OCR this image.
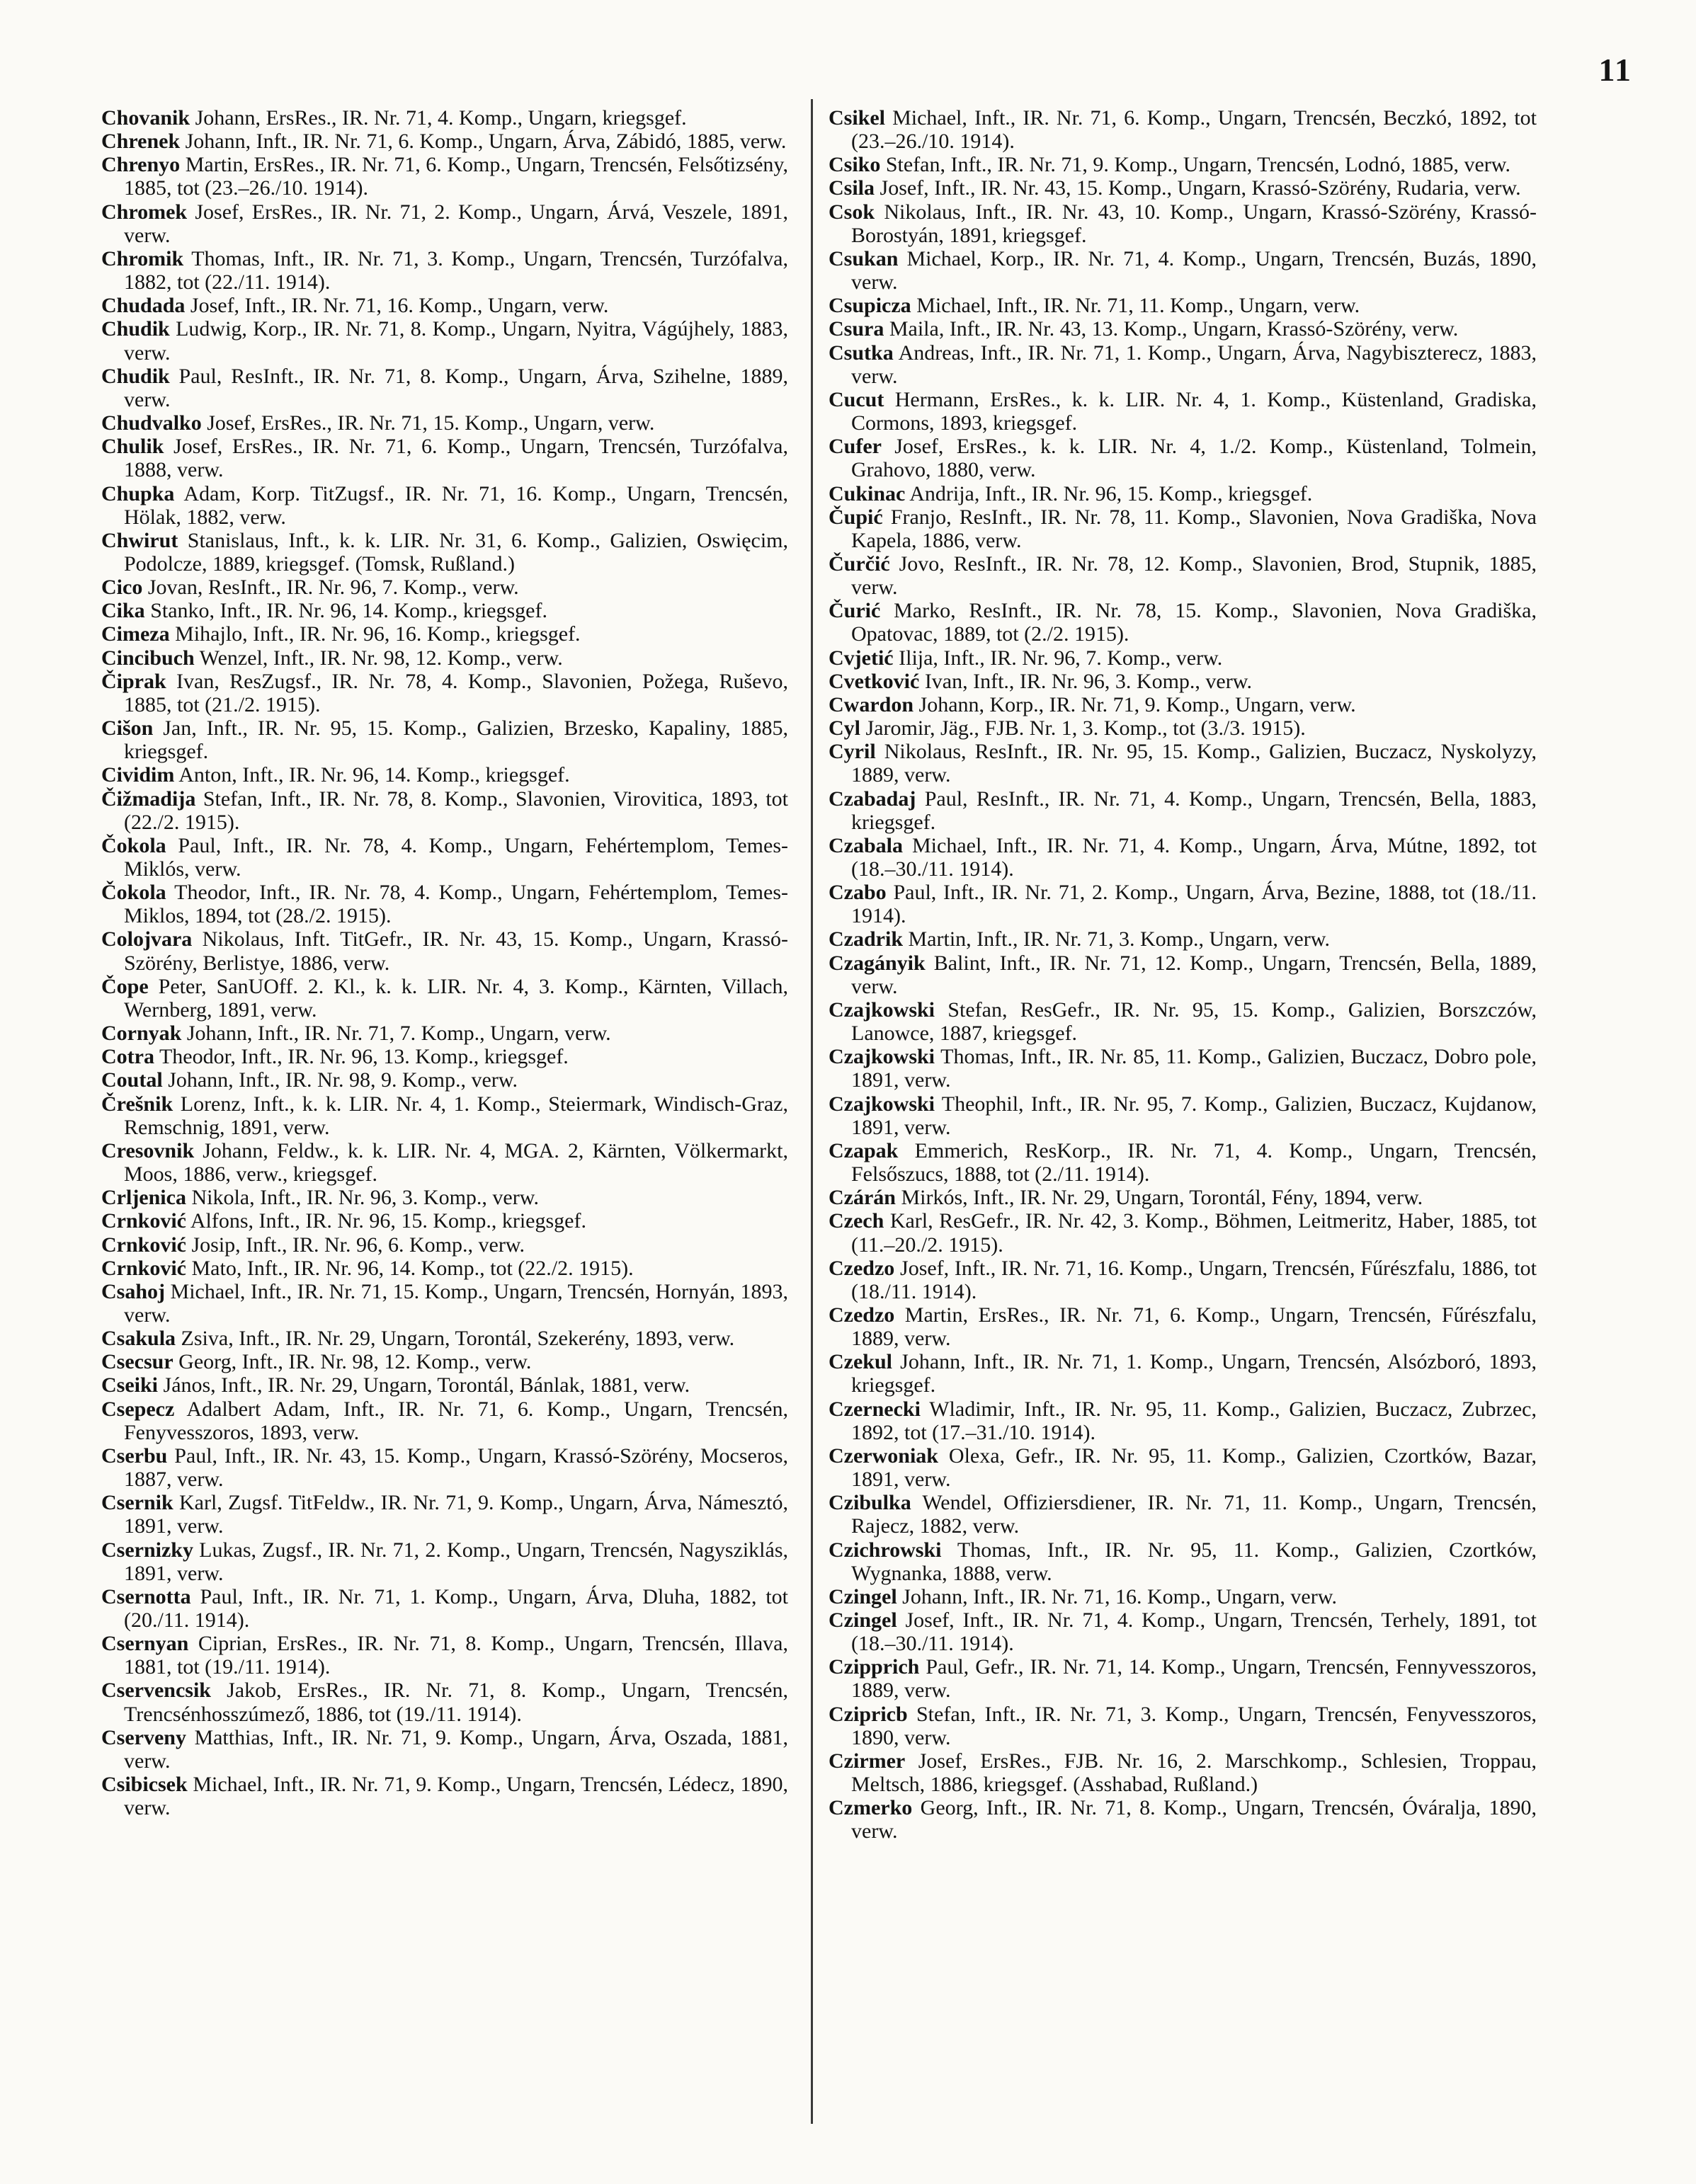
11
Chovanik Johann, ErsRes., IR. Nr. 71, 4. Komp., Ungarn, kriegsgef.
Chrenek Johann, Inft., IR. Nr. 71, 6. Komp., Ungarn, Árva, Zábidó, 1885, verw.
Chrenyo Martin, ErsRes., IR. Nr. 71, 6. Komp., Ungarn, Trencsén, Felsőtizsény, 1885, tot (23.–26./10. 1914).
Chromek Josef, ErsRes., IR. Nr. 71, 2. Komp., Ungarn, Árvá, Veszele, 1891, verw.
Chromik Thomas, Inft., IR. Nr. 71, 3. Komp., Ungarn, Trencsén, Turzófalva, 1882, tot (22./11. 1914).
Chudada Josef, Inft., IR. Nr. 71, 16. Komp., Ungarn, verw.
Chudik Ludwig, Korp., IR. Nr. 71, 8. Komp., Ungarn, Nyitra, Vágújhely, 1883, verw.
Chudik Paul, ResInft., IR. Nr. 71, 8. Komp., Ungarn, Árva, Szihelne, 1889, verw.
Chudvalko Josef, ErsRes., IR. Nr. 71, 15. Komp., Ungarn, verw.
Chulik Josef, ErsRes., IR. Nr. 71, 6. Komp., Ungarn, Trencsén, Turzófalva, 1888, verw.
Chupka Adam, Korp. TitZugsf., IR. Nr. 71, 16. Komp., Ungarn, Trencsén, Hölak, 1882, verw.
Chwirut Stanislaus, Inft., k. k. LIR. Nr. 31, 6. Komp., Galizien, Oswięcim, Podolcze, 1889, kriegsgef. (Tomsk, Rußland.)
Cico Jovan, ResInft., IR. Nr. 96, 7. Komp., verw.
Cika Stanko, Inft., IR. Nr. 96, 14. Komp., kriegsgef.
Cimeza Mihajlo, Inft., IR. Nr. 96, 16. Komp., kriegsgef.
Cincibuch Wenzel, Inft., IR. Nr. 98, 12. Komp., verw.
Čiprak Ivan, ResZugsf., IR. Nr. 78, 4. Komp., Slavonien, Požega, Ruševo, 1885, tot (21./2. 1915).
Cišon Jan, Inft., IR. Nr. 95, 15. Komp., Galizien, Brzesko, Kapaliny, 1885, kriegsgef.
Cividim Anton, Inft., IR. Nr. 96, 14. Komp., kriegsgef.
Čižmadija Stefan, Inft., IR. Nr. 78, 8. Komp., Slavonien, Virovitica, 1893, tot (22./2. 1915).
Čokola Paul, Inft., IR. Nr. 78, 4. Komp., Ungarn, Fehértemplom, Temes-Miklós, verw.
Čokola Theodor, Inft., IR. Nr. 78, 4. Komp., Ungarn, Fehértemplom, Temes-Miklos, 1894, tot (28./2. 1915).
Colojvara Nikolaus, Inft. TitGefr., IR. Nr. 43, 15. Komp., Ungarn, Krassó-Szörény, Berlistye, 1886, verw.
Čope Peter, SanUOff. 2. Kl., k. k. LIR. Nr. 4, 3. Komp., Kärnten, Villach, Wernberg, 1891, verw.
Cornyak Johann, Inft., IR. Nr. 71, 7. Komp., Ungarn, verw.
Cotra Theodor, Inft., IR. Nr. 96, 13. Komp., kriegsgef.
Coutal Johann, Inft., IR. Nr. 98, 9. Komp., verw.
Črešnik Lorenz, Inft., k. k. LIR. Nr. 4, 1. Komp., Steiermark, Windisch-Graz, Remschnig, 1891, verw.
Cresovnik Johann, Feldw., k. k. LIR. Nr. 4, MGA. 2, Kärnten, Völkermarkt, Moos, 1886, verw., kriegsgef.
Crljenica Nikola, Inft., IR. Nr. 96, 3. Komp., verw.
Crnković Alfons, Inft., IR. Nr. 96, 15. Komp., kriegsgef.
Crnković Josip, Inft., IR. Nr. 96, 6. Komp., verw.
Crnković Mato, Inft., IR. Nr. 96, 14. Komp., tot (22./2. 1915).
Csahoj Michael, Inft., IR. Nr. 71, 15. Komp., Ungarn, Trencsén, Hornyán, 1893, verw.
Csakula Zsiva, Inft., IR. Nr. 29, Ungarn, Torontál, Szekerény, 1893, verw.
Csecsur Georg, Inft., IR. Nr. 98, 12. Komp., verw.
Cseiki János, Inft., IR. Nr. 29, Ungarn, Torontál, Bánlak, 1881, verw.
Csepecz Adalbert Adam, Inft., IR. Nr. 71, 6. Komp., Ungarn, Trencsén, Fenyvesszoros, 1893, verw.
Cserbu Paul, Inft., IR. Nr. 43, 15. Komp., Ungarn, Krassó-Szörény, Mocseros, 1887, verw.
Csernik Karl, Zugsf. TitFeldw., IR. Nr. 71, 9. Komp., Ungarn, Árva, Námesztó, 1891, verw.
Csernizky Lukas, Zugsf., IR. Nr. 71, 2. Komp., Ungarn, Trencsén, Nagysziklás, 1891, verw.
Csernotta Paul, Inft., IR. Nr. 71, 1. Komp., Ungarn, Árva, Dluha, 1882, tot (20./11. 1914).
Csernyan Ciprian, ErsRes., IR. Nr. 71, 8. Komp., Ungarn, Trencsén, Illava, 1881, tot (19./11. 1914).
Cservencsik Jakob, ErsRes., IR. Nr. 71, 8. Komp., Ungarn, Trencsén, Trencsénhosszúmező, 1886, tot (19./11. 1914).
Cserveny Matthias, Inft., IR. Nr. 71, 9. Komp., Ungarn, Árva, Oszada, 1881, verw.
Csibicsek Michael, Inft., IR. Nr. 71, 9. Komp., Ungarn, Trencsén, Lédecz, 1890, verw.
Csikel Michael, Inft., IR. Nr. 71, 6. Komp., Ungarn, Trencsén, Beczkó, 1892, tot (23.–26./10. 1914).
Csiko Stefan, Inft., IR. Nr. 71, 9. Komp., Ungarn, Trencsén, Lodnó, 1885, verw.
Csila Josef, Inft., IR. Nr. 43, 15. Komp., Ungarn, Krassó-Szörény, Rudaria, verw.
Csok Nikolaus, Inft., IR. Nr. 43, 10. Komp., Ungarn, Krassó-Szörény, Krassó-Borostyán, 1891, kriegsgef.
Csukan Michael, Korp., IR. Nr. 71, 4. Komp., Ungarn, Trencsén, Buzás, 1890, verw.
Csupicza Michael, Inft., IR. Nr. 71, 11. Komp., Ungarn, verw.
Csura Maila, Inft., IR. Nr. 43, 13. Komp., Ungarn, Krassó-Szörény, verw.
Csutka Andreas, Inft., IR. Nr. 71, 1. Komp., Ungarn, Árva, Nagybiszterecz, 1883, verw.
Cucut Hermann, ErsRes., k. k. LIR. Nr. 4, 1. Komp., Küstenland, Gradiska, Cormons, 1893, kriegsgef.
Cufer Josef, ErsRes., k. k. LIR. Nr. 4, 1./2. Komp., Küstenland, Tolmein, Grahovo, 1880, verw.
Cukinac Andrija, Inft., IR. Nr. 96, 15. Komp., kriegsgef.
Čupić Franjo, ResInft., IR. Nr. 78, 11. Komp., Slavonien, Nova Gradiška, Nova Kapela, 1886, verw.
Čurčić Jovo, ResInft., IR. Nr. 78, 12. Komp., Slavonien, Brod, Stupnik, 1885, verw.
Čurić Marko, ResInft., IR. Nr. 78, 15. Komp., Slavonien, Nova Gradiška, Opatovac, 1889, tot (2./2. 1915).
Cvjetić Ilija, Inft., IR. Nr. 96, 7. Komp., verw.
Cvetković Ivan, Inft., IR. Nr. 96, 3. Komp., verw.
Cwardon Johann, Korp., IR. Nr. 71, 9. Komp., Ungarn, verw.
Cyl Jaromir, Jäg., FJB. Nr. 1, 3. Komp., tot (3./3. 1915).
Cyril Nikolaus, ResInft., IR. Nr. 95, 15. Komp., Galizien, Buczacz, Nyskolyzy, 1889, verw.
Czabadaj Paul, ResInft., IR. Nr. 71, 4. Komp., Ungarn, Trencsén, Bella, 1883, kriegsgef.
Czabala Michael, Inft., IR. Nr. 71, 4. Komp., Ungarn, Árva, Mútne, 1892, tot (18.–30./11. 1914).
Czabo Paul, Inft., IR. Nr. 71, 2. Komp., Ungarn, Árva, Bezine, 1888, tot (18./11. 1914).
Czadrik Martin, Inft., IR. Nr. 71, 3. Komp., Ungarn, verw.
Czagányik Balint, Inft., IR. Nr. 71, 12. Komp., Ungarn, Trencsén, Bella, 1889, verw.
Czajkowski Stefan, ResGefr., IR. Nr. 95, 15. Komp., Galizien, Borszczów, Lanowce, 1887, kriegsgef.
Czajkowski Thomas, Inft., IR. Nr. 85, 11. Komp., Galizien, Buczacz, Dobro pole, 1891, verw.
Czajkowski Theophil, Inft., IR. Nr. 95, 7. Komp., Galizien, Buczacz, Kujdanow, 1891, verw.
Czapak Emmerich, ResKorp., IR. Nr. 71, 4. Komp., Ungarn, Trencsén, Felsőszucs, 1888, tot (2./11. 1914).
Czárán Mirkós, Inft., IR. Nr. 29, Ungarn, Torontál, Fény, 1894, verw.
Czech Karl, ResGefr., IR. Nr. 42, 3. Komp., Böhmen, Leitmeritz, Haber, 1885, tot (11.–20./2. 1915).
Czedzo Josef, Inft., IR. Nr. 71, 16. Komp., Ungarn, Trencsén, Fűrészfalu, 1886, tot (18./11. 1914).
Czedzo Martin, ErsRes., IR. Nr. 71, 6. Komp., Ungarn, Trencsén, Fűrészfalu, 1889, verw.
Czekul Johann, Inft., IR. Nr. 71, 1. Komp., Ungarn, Trencsén, Alsózboró, 1893, kriegsgef.
Czernecki Wladimir, Inft., IR. Nr. 95, 11. Komp., Galizien, Buczacz, Zubrzec, 1892, tot (17.–31./10. 1914).
Czerwoniak Olexa, Gefr., IR. Nr. 95, 11. Komp., Galizien, Czortków, Bazar, 1891, verw.
Czibulka Wendel, Offiziersdiener, IR. Nr. 71, 11. Komp., Ungarn, Trencsén, Rajecz, 1882, verw.
Czichrowski Thomas, Inft., IR. Nr. 95, 11. Komp., Galizien, Czortków, Wygnanka, 1888, verw.
Czingel Johann, Inft., IR. Nr. 71, 16. Komp., Ungarn, verw.
Czingel Josef, Inft., IR. Nr. 71, 4. Komp., Ungarn, Trencsén, Terhely, 1891, tot (18.–30./11. 1914).
Czipprich Paul, Gefr., IR. Nr. 71, 14. Komp., Ungarn, Trencsén, Fennyvesszoros, 1889, verw.
Czipricb Stefan, Inft., IR. Nr. 71, 3. Komp., Ungarn, Trencsén, Fenyvesszoros, 1890, verw.
Czirmer Josef, ErsRes., FJB. Nr. 16, 2. Marschkomp., Schlesien, Troppau, Meltsch, 1886, kriegsgef. (Asshabad, Rußland.)
Czmerko Georg, Inft., IR. Nr. 71, 8. Komp., Ungarn, Trencsén, Óváralja, 1890, verw.
